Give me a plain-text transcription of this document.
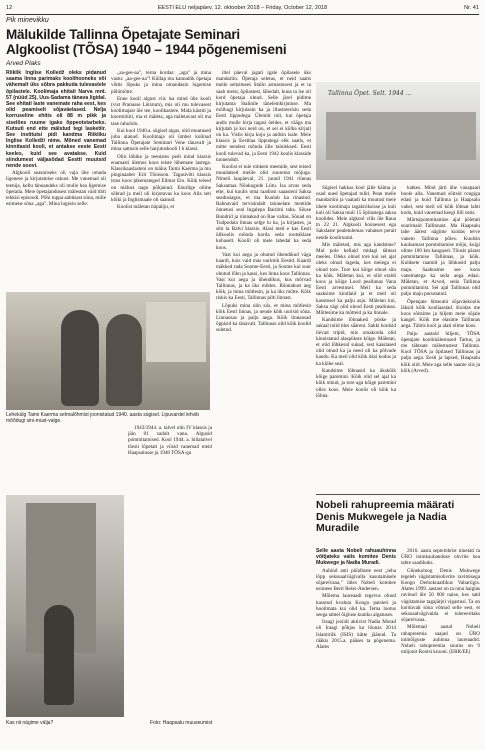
12	EESTI ELU neljapäev, 12. oktoober 2018 – Friday, October 12, 2018	Nr. 41
Pik minevikku
Mälukilde Tallinna Õpetajate Seminari Algkoolist (TÕSA) 1940 – 1944 põgenemiseni
Arved Plaks

Riiklik Inglise Kolledž oleks pidanud saama linna parimaks koolihooneks või vähemalt üks sõbra pakkuda tulevastele õpilastele. Koolimaja ehitati Narva mnt. 57 (nüüd 25), Uus-Sadama tänava ligidal. See ehitati laste vanemate raha eest, kes olid peamiselt sõjaväelased. Nelja korruseline ehitis oli 88 m pikk ja siselões ruume igaks õppeotstarbeks. Kutsuti end ette mälstud tegi lasketiir. See institutsi pidi kandma Riikliku Inglise Kolledži nime. Mõned vanemad kinnitasid kooli, et antakse eeste Eesti keeles, kuid see avatakse. Kuid siindumest väljasõdad Eestti muutsid nende soovi.

Algkooli seasmiseks oli vaja ühe omada ligenese ja kirjutamise oskust. Me vanemad oli teenija, kellu tänuandeks oli mulle hea ligemise õpetada. Meie õpetajandusest mälestan väid tihti tekkisi episoodi. Põhi tuppa aabitsast sõna, mille esimene sõna „aga". Mina lugesin selle:

„aa-gee-aa", terna kordas: „aga" ja mina vastu: „aa-gee-aa"! Küllap mu kannatlik õpetaja võttis lõpuks ja mina omandasin lugemise põhimõtte.

Enne kooli algust viis isa mind ühe kooli (vist Pranusse Lütsrum), mis oli mu tulevasest koolimajast üle tee, koolikastele. Mida kästiti ja koormitiiti, ma ei mäleta, aga mäletavast oli ma tase rahulolu.

Kui kool 1940.a. sügisel algas, olid muutused juba alanud. Koolimaja oli ümber kolinud Tallinna Õpetajate Seminari Vene tänavalt ja mina sattusin selle harjutuskooli I b klassi.

Olin lõbike ja teenistes pedi mind klassis enamasti ülemus koos teiste lühemate lastega. Klassikaaslasteni on mälus Taimi Kaerma ja mu pinginaaber Erit Tõnisson. Tagasivõti klassis istus koos pikemateged Ellmar Ein. Kõik teised on mälust nagu põhjanud. Enurlige olime sõbrad ja meil oli kirjutavas ka koos Alla seti kõiki ja Inglismaale oli saanud.

Koolist mäletan nüpaliju, et

Lehekülg Taimi Kaerma selmalõhmist joonistatud 1940. aasta sügisel. Lipuvardel lehvib mõõdugi sini-must-valge.
Kas nii nägime välja?	Foto: Haapsalu muuseumist

iltel päeval jagati igale õpilasele üks mandariin. Õpetaja seletas, et neid saatis meile seltsimees Stalin armastusest ja et ta saab meist, õpilastest, lähedalt, kuna ta ise oli kord õpetaja olnud. Selle järel pidime kirjutama Stalinile tänelemkirjutuse. Ma mõlhugi kirjutasin ka ja illustreerisin seda Eesti lippudega. Ülemiit tuli, kui õpetaja andis mulle kirja tagasi öeldes, et vääga ma kirjutab ja kui neid on, et sel ei kõlba kirjuti on ka. Vistis kirja koju ja andsin isale. Meie klassis ja Eestitaa lippudega ehk saatis, et mitte nendest mõnda ülle taluleksed. Eesti kooli tulevad ka, ja Eesti 1942 koolis klasside tunnendult.

Koolist ei tule rohkem meenide, sest teised muudatsed meiile olid suurema mõjuga. Nimeli laupäeval, 21. juunil 1941 rünnas Saksamaa Nõukogude Liitu. Isa arvas seda ette, kui kuulis oma raadiost saaasteni Saksa seadusiagus, et ma Kuulub ka rinastud. Rahnavaid tervisindalt taiunelate mentide õnnetusi seal Ingalepa Bairimi taha. Sõuse Bundrid ja rünnakud on Rae vallas. Sõnad on Tudpodala linnas selge lu ka, ja kirjastes, ja siht la Balvi klassis. Alasi meil e kas Eesti ülikoolis mõnda korda seda rootsiklase kohaselt. Koolil oli meie lahedal ka seda koos.

Vast kui aega ja ohutud ühendikud väga kaardi, kuis vaid mas uurimik Eestid. Kaardi mäkked rada Soome-Eesti, ja Soome kui suur ohutud lõhn ja kassi, kes linna koos Tallinnas. Vast kui aega ja ühendikus, kus mõrvad Tallinnas, ja ka üks mõttes. Rünnakust aeg kõik, ja mina mõtlesin, ja ka üks mõtte. Kõik riskis ka Eesti, Tallinnas pilti linnast.

Lõpuks mina olin siis, et mina mõtlesin kõik Eesti linnas, ja nende kõik uurisid sõna. Linnaosas ja palju aega. Kõik linnaosad õppisid ka tänavalt. Tallinnas olid kõik koolid suletud.

1943/1944. a. talvel olin IV klassis ja jäin 01 sadult vana. Algusid pommitamised. Kool 1944. a. hiliatalvel tõesti lõpetati ja viisid vanemad meid Haapsalusse ja 1946 TÕSA-ga

Tallinna Õpet. Selt. 1944 ...

Sügisel hakkas kool jälle käima ja osad uued õpetajad tulid. Pean meile mandariini ja vaatadi ka muutusi meie ühele koolimaja tagakiriksisse ja kuli kuli oli Saksa tuuli 15 õpilastega saksa koolides. Meie algkool vilis üle Raua tn 22 21. Algkooli hoonesest ega Sakslaste pealetulemas vabatses perait nende kooliruumi.

Mis mäletad, mis aga kandsime? Mul pole kellaid midagi tähtsat meeles. Oleks olnud tore kui sel ajal oleks olnud lugeda, kes meiega ei olnud tore. Tore kui kõige olnud siin ka kõik. Mäletan kui, et olid eraldi koos ja kõige Lood pealinnas Vana Eesti arvestusel. Meil ka seda saaksime kindlaid ja et meil oli kasutusel ka palju asju. Mäletan kui, Saksa vägi olid olnud Eesti pealinnas. Mõtlesime ka mõtteid ja ka linnale.

Kandsime lõhnakesi põske ja sakaal tulid tiles sääreni. Sakki hoidsid ilevad tripid, mis omakorda olid kinnistatud alaspükste külge. Mäletan, et olid lõhkesid sukad, sest kaaslased olid olnud ka ja need oli ka põlvade kaudu. Ka meil olid kõik üksi kodus ja ka kõike seal.

Kandsime lõhnasid ka ükskõik kõige paremini. Kõik olid sel ajal ka kõik olnud, ja tore aga kõige paremini olles koos. Meie koolis oli kõik ka lõhna.

katkes. Mind järti ühe vanapaari hoole alla. Vanemad sõitsid rongiga edasi ja kuid Tallinna ja Haapsalu vahel, sest meil oli kõik lõhnat lahti kodu, kuid vanemad keegi lilli ostis.

Märtsipommitamise ajal põletati suurimaid Tallinnast. Ma Haapsalu lahe äärest nägime kuidas terve vanem Tallinna põles. Kuulsin kuulsamast pommitamise mõju, kuigi olime 100 km kaugusel. Tõusis pärast pommitamise Tallinnas, ja kõik. Kuldsete raamid ja lõhkusid palju maju. Saabusime see koos vanematega ka seda aega edasi. Mäletan, et Arved, seda Tallinna pommitamist. Sel ajal Tallinnas olid palju maju purustatud.

Õpetajate lütseumi sõjaväekoolis läksid kõik kooliaastad. Kuidas me koos sõitsime ja hiljem meie sõjale kaugel. Kõik me elasime Tallinnas aega. Tähtis kool ja alati olime koos.

Palju aastaid hiljem, TÕSA õpetajate koolimälestused Tartus, ja me tähtsate mälestustest Tallinna. Kool TÕSA ja õpilased Tallinnas ja palju aega. Eesti ja lapsed, Haapsalu kõik olid. Meie aga selle saame siis ja kõik (Arved).

Nobeli rahupreemia määrati Denis Mukwegele ja Nadia Muradile

Selle aasta Nobeli rahuauhinna võitjateks valis komitee Denis Mukwege ja Nadia Muradi.

Auhind anti püüdluste eest „teha lõpp seksuaalvägivalla kasutamisele sõjarelvana," ütles Nobeli komitee esimees Berit Reiss-Andersen.

Mõlema laureaadi tegevus olnud kasutud kvaluta Kongo patsieti ja hoolimata kui olid ka. Tema lootus seega tahtel õigluse kuniku algatuses.

Iraagi jeziidi aktivist Nadia Murad oli Iraagi põhjas ka lõunas 2014 Islamiriik (ISIS) kätte jäänud. Ta rääkis 2015.a. pääses ta põgenema. Alates

2016. aasta septembrist ninetati ta ÜRO inimkaubanduse ohvrite hea tahte saadikuks.

Günekoloog Denis Mukwege tegeleb vägistamisohvrite ravimisega Kongo Demokraatlikus Vabariigis. Alates 1999. aastast on ta oma haiglas ravinud üle 50 000 naise, kes said vägistamise tagajärjel vigastusi. Ta on korduvalt sõna võtnud selle eest, et seksuaalvägivalda ei tolereeritaks sõjarelvana.

Mõlemad aastal Nobeli rahupreemia saajad on ÜRO inimõiguste auhinna laureaadid. Nobeli rahupreemia suurus on 9 miljonit Rootsi krooni. (ERR/EE)
